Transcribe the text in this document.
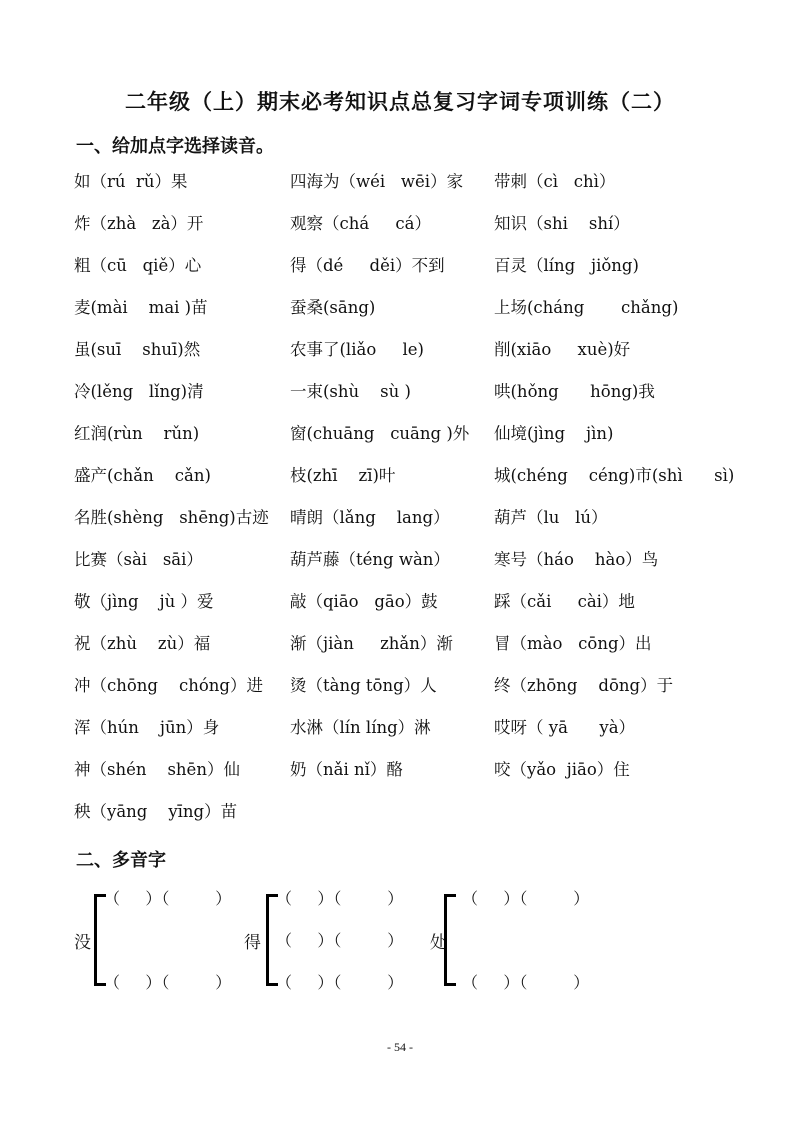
二年级（上）期末必考知识点总复习字词专项训练（二）
一、给加点字选择读音。
如（rú  rǔ）果	四海为（wéi   wēi）家 带刺（cì   chì）
炸（zhà   zà）开	观察（chá     cá）	知识（shi    shí）
粗（cū   qiě）心	得（dé     děi）不到	百灵（líng   jiǒng)
麦(mài    mai )苗	蚕桑(sāng)	上场(cháng       chǎng)
虽(suī    shuī)然	农事了(liǎo     le)	削(xiāo     xuè)好
冷(lěng   lǐng)清	一束(shù    sù )	哄(hǒng      hōng)我
红润(rùn    rǔn)	窗(chuāng   cuāng )外 仙境(jìng    jìn)
盛产(chǎn    cǎn)	枝(zhī    zī)叶	城(chéng    céng)市(shì      sì)
名胜(shèng   shēng)古迹 晴朗（lǎng    lang）	葫芦（lu   lú）
比赛（sài   sāi）	葫芦藤（téng wàn）	寒号（háo    hào）鸟
敬（jìng    jù ）爱	敲（qiāo   gāo）鼓	踩（cǎi     cài）地
祝（zhù    zù）福	渐（jiàn     zhǎn）渐 冒（mào   cōng）出
冲（chōng    chóng）进 烫（tàng tōng）人	终（zhōng    dōng）于
浑（hún    jūn）身	水淋（lín líng）淋	哎呀（ yā      yà）
神（shén    shēn）仙	奶（nǎi nǐ）酪	咬（yǎo  jiāo）住
秧（yāng    yīng）苗
二、多音字
没
（     ）（         ）
（     ）（         ）
得
（     ）（         ）
（     ）（         ）
（     ）（         ）
处
（     ）（         ）
（     ）（         ）
- 54 -
